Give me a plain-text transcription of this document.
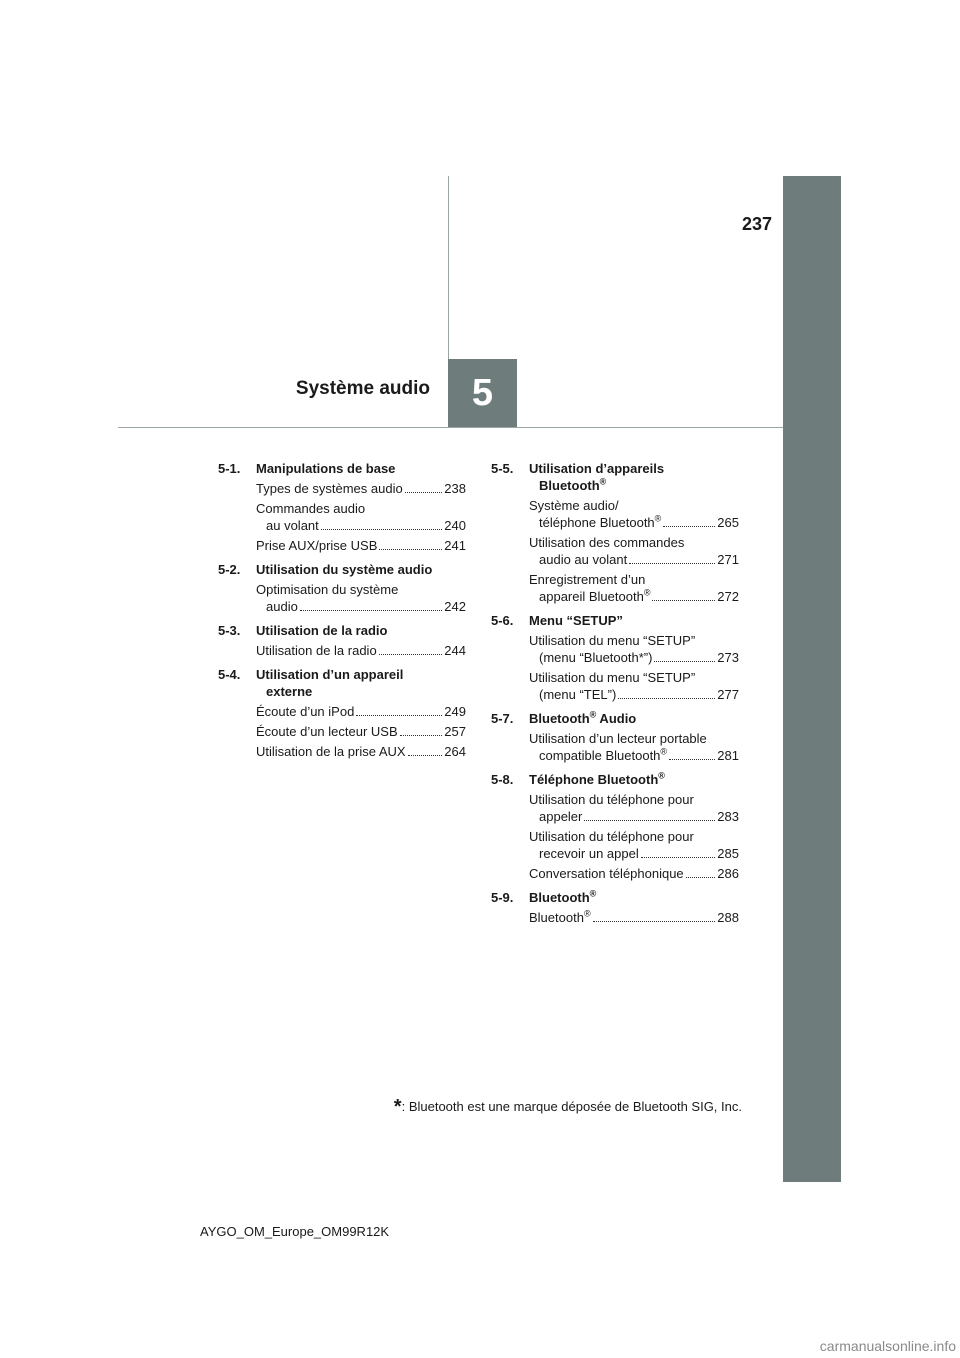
237
5
Système audio
5-1.	Manipulations de base
Types de systèmes audio	238
Commandes audio
au volant	240
Prise AUX/prise USB	241
5-2.	Utilisation du système audio
Optimisation du système
audio	242
5-3.	Utilisation de la radio
Utilisation de la radio	244
5-4.	Utilisation d’un appareil
externe
Écoute d’un iPod	249
Écoute d’un lecteur USB	257
Utilisation de la prise AUX	264
5-5.	Utilisation d’appareils
Bluetooth®
Système audio/
téléphone Bluetooth®	265
Utilisation des commandes
audio au volant	271
Enregistrement d’un
appareil Bluetooth®	272
5-6.	Menu “SETUP”
Utilisation du menu “SETUP”
(menu “Bluetooth*”)	273
Utilisation du menu “SETUP”
(menu “TEL”)	277
5-7.	Bluetooth® Audio
Utilisation d’un lecteur portable
compatible Bluetooth®	281
5-8.	Téléphone Bluetooth®
Utilisation du téléphone pour
appeler	283
Utilisation du téléphone pour
recevoir un appel	285
Conversation téléphonique	286
5-9.	Bluetooth®
Bluetooth®	288
*: Bluetooth est une marque déposée de Bluetooth SIG, Inc.
AYGO_OM_Europe_OM99R12K
carmanualsonline.info
